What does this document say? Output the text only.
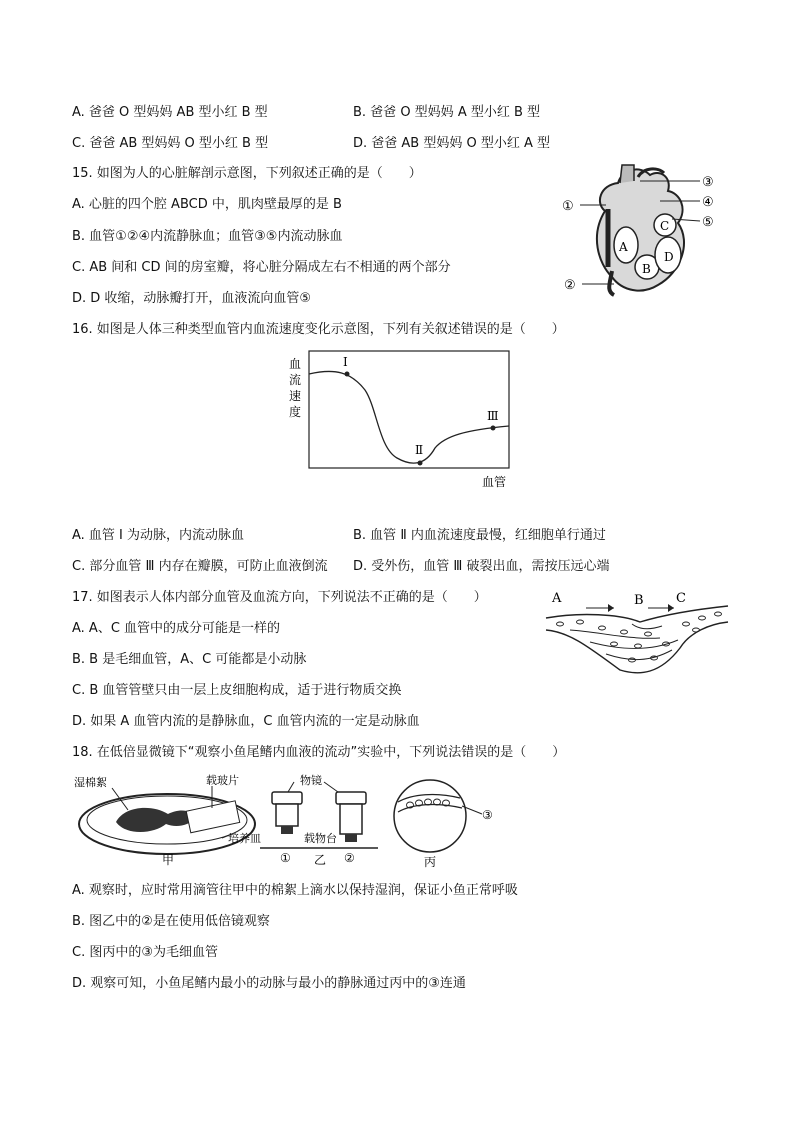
A. 爸爸 O 型妈妈 AB 型小红 B 型	B. 爸爸 O 型妈妈 A 型小红 B 型
C. 爸爸 AB 型妈妈 O 型小红 B 型	D. 爸爸 AB 型妈妈 O 型小红 A 型
15. 如图为人的心脏解剖示意图，下列叙述正确的是（　　）
A. 心脏的四个腔 ABCD 中，肌肉壁最厚的是 B
B. 血管①②④内流静脉血；血管③⑤内流动脉血
C. AB 间和 CD 间的房室瓣，将心脏分隔成左右不相通的两个部分
D. D 收缩，动脉瓣打开，血液流向血管⑤
①
②
③
④
⑤
A
B
C
D
16. 如图是人体三种类型血管内血流速度变化示意图，下列有关叙述错误的是（　　）
血
流
速
度
Ⅰ
Ⅱ
Ⅲ
血管
A. 血管 Ⅰ 为动脉，内流动脉血	B. 血管 Ⅱ 内血流速度最慢，红细胞单行通过
C. 部分血管 Ⅲ 内存在瓣膜，可防止血液倒流 D. 受外伤，血管 Ⅲ 破裂出血，需按压远心端
17. 如图表示人体内部分血管及血流方向，下列说法不正确的是（　　）
A. A、C 血管中的成分可能是一样的
B. B 是毛细血管，A、C 可能都是小动脉
C. B 血管管壁只由一层上皮细胞构成，适于进行物质交换
D. 如果 A 血管内流的是静脉血，C 血管内流的一定是动脉血
A	B C
18. 在低倍显微镜下“观察小鱼尾鳍内血液的流动”实验中，下列说法错误的是（　　）
湿棉絮	载玻片
培养皿
甲
物镜
载物台
① 乙 ②
③
丙
A. 观察时，应时常用滴管往甲中的棉絮上滴水以保持湿润，保证小鱼正常呼吸
B. 图乙中的②是在使用低倍镜观察
C. 图丙中的③为毛细血管
D. 观察可知，小鱼尾鳍内最小的动脉与最小的静脉通过丙中的③连通
